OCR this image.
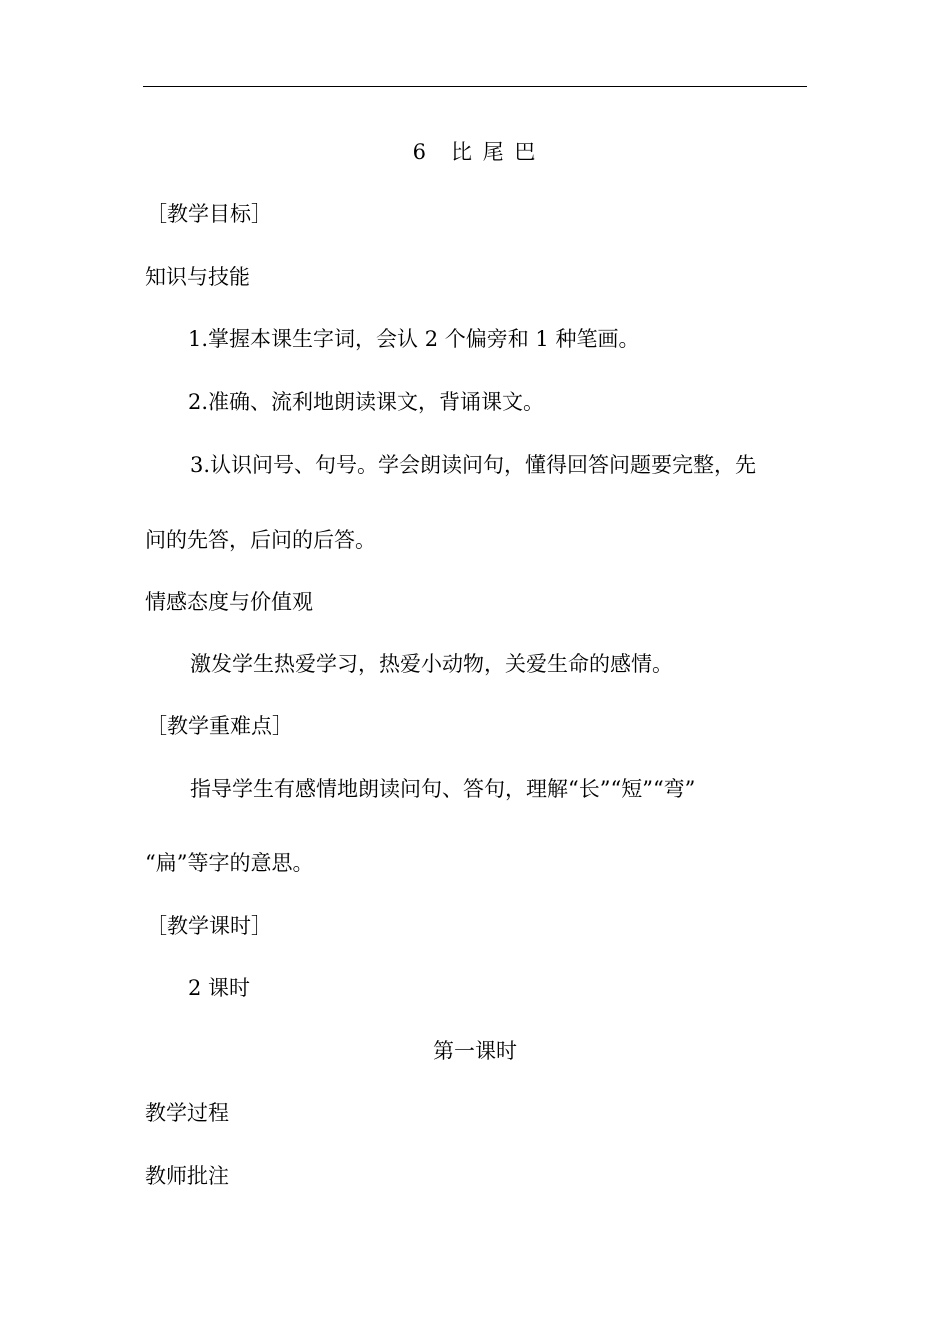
6　比 尾 巴
［教学目标］
知识与技能
1.掌握本课生字词，会认 2 个偏旁和 1 种笔画。
2.准确、流利地朗读课文，背诵课文。
3.认识问号、句号。学会朗读问句，懂得回答问题要完整，先
问的先答，后问的后答。
情感态度与价值观
激发学生热爱学习，热爱小动物，关爱生命的感情。
［教学重难点］
指导学生有感情地朗读问句、答句，理解“长”“短”“弯”
“扁”等字的意思。
［教学课时］
2 课时
第一课时
教学过程
教师批注
